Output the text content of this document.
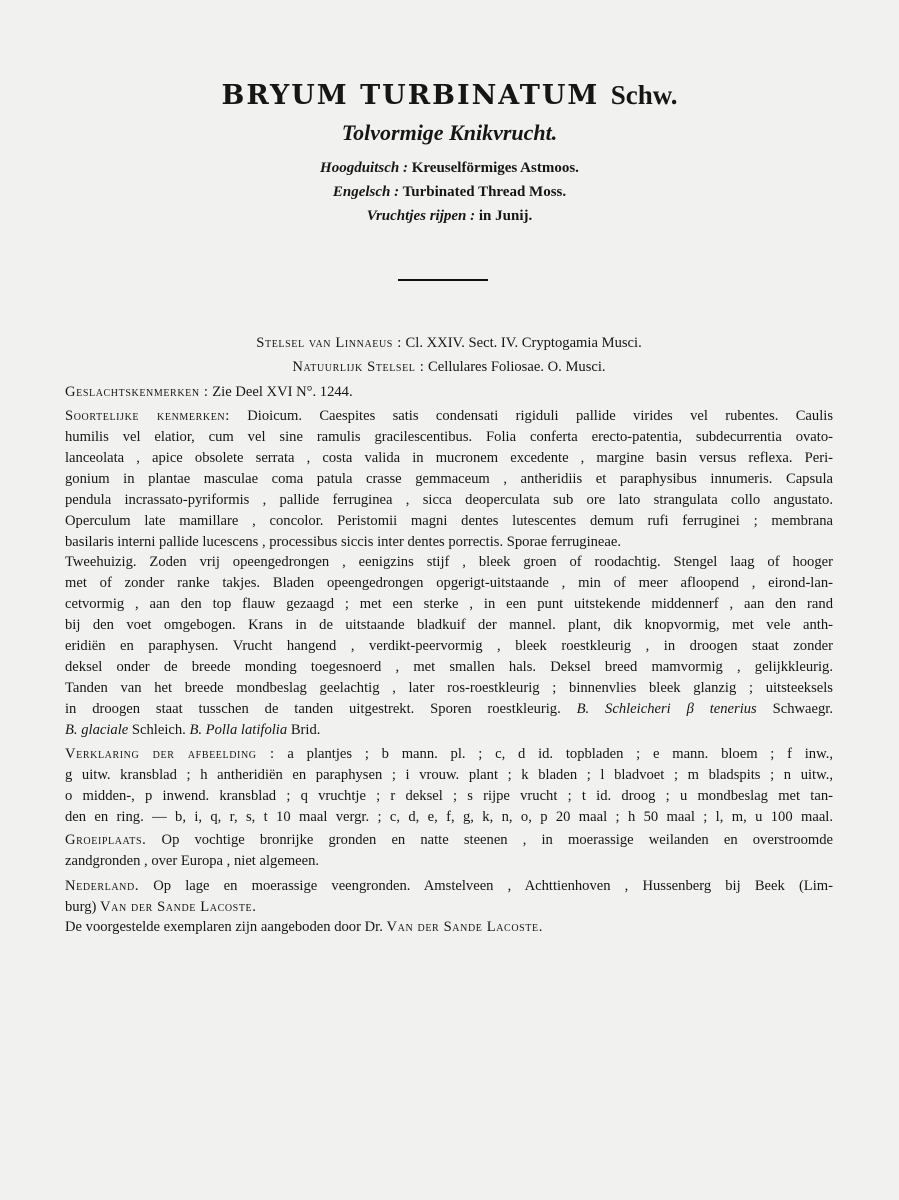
BRYUM TURBINATUM Schw.
Tolvormige Knikvrucht.
Hoogduitsch : Kreuselförmiges Astmoos.
Engelsch : Turbinated Thread Moss.
Vruchtjes rijpen : in Junij.
Stelsel van Linnaeus : Cl. XXIV. Sect. IV. Cryptogamia Musci.
Natuurlijk Stelsel : Cellulares Foliosae. O. Musci.
Geslachtskenmerken : Zie Deel XVI N°. 1244.
Soortelijke kenmerken: Dioicum. Caespites satis condensati rigiduli pallide virides vel rubentes. Caulis
humilis vel elatior, cum vel sine ramulis gracilescentibus. Folia conferta erecto-patentia, subdecurrentia ovato-
lanceolata , apice obsolete serrata , costa valida in mucronem excedente , margine basin versus reflexa. Peri-
gonium in plantae masculae coma patula crasse gemmaceum , antheridiis et paraphysibus innumeris. Capsula
pendula incrassato-pyriformis , pallide ferruginea , sicca deoperculata sub ore lato strangulata collo angustato.
Operculum late mamillare , concolor. Peristomii magni dentes lutescentes demum rufi ferruginei ; membrana
basilaris interni pallide lucescens , processibus siccis inter dentes porrectis. Sporae ferrugineae.
Tweehuizig. Zoden vrij opeengedrongen , eenigzins stijf , bleek groen of roodachtig. Stengel laag of hooger
met of zonder ranke takjes. Bladen opeengedrongen opgerigt-uitstaande , min of meer afloopend , eirond-lan-
cetvormig , aan den top flauw gezaagd ; met een sterke , in een punt uitstekende middennerf , aan den rand
bij den voet omgebogen. Krans in de uitstaande bladkuif der mannel. plant, dik knopvormig, met vele anth-
eridiën en paraphysen. Vrucht hangend , verdikt-peervormig , bleek roestkleurig , in droogen staat zonder
deksel onder de breede monding toegesnoerd , met smallen hals. Deksel breed mamvormig , gelijkkleurig.
Tanden van het breede mondbeslag geelachtig , later ros-roestkleurig ; binnenvlies bleek glanzig ; uitsteeksels
in droogen staat tusschen de tanden uitgestrekt. Sporen roestkleurig. B. Schleicheri β tenerius Schwaegr.
B. glaciale Schleich. B. Polla latifolia Brid.
Verklaring der afbeelding : a plantjes ; b mann. pl. ; c, d id. topbladen ; e mann. bloem ; f inw.,
g uitw. kransblad ; h antheridiën en paraphysen ; i vrouw. plant ; k bladen ; l bladvoet ; m bladspits ; n uitw.,
o midden-, p inwend. kransblad ; q vruchtje ; r deksel ; s rijpe vrucht ; t id. droog ; u mondbeslag met tan-
den en ring. — b, i, q, r, s, t 10 maal vergr. ; c, d, e, f, g, k, n, o, p 20 maal ; h 50 maal ; l, m, u 100 maal.
Groeiplaats. Op vochtige bronrijke gronden en natte steenen , in moerassige weilanden en overstroomde
zandgronden , over Europa , niet algemeen.
Nederland. Op lage en moerassige veengronden. Amstelveen , Achttienhoven , Hussenberg bij Beek (Lim-
burg) Van der Sande Lacoste.
De voorgestelde exemplaren zijn aangeboden door Dr. Van der Sande Lacoste.
